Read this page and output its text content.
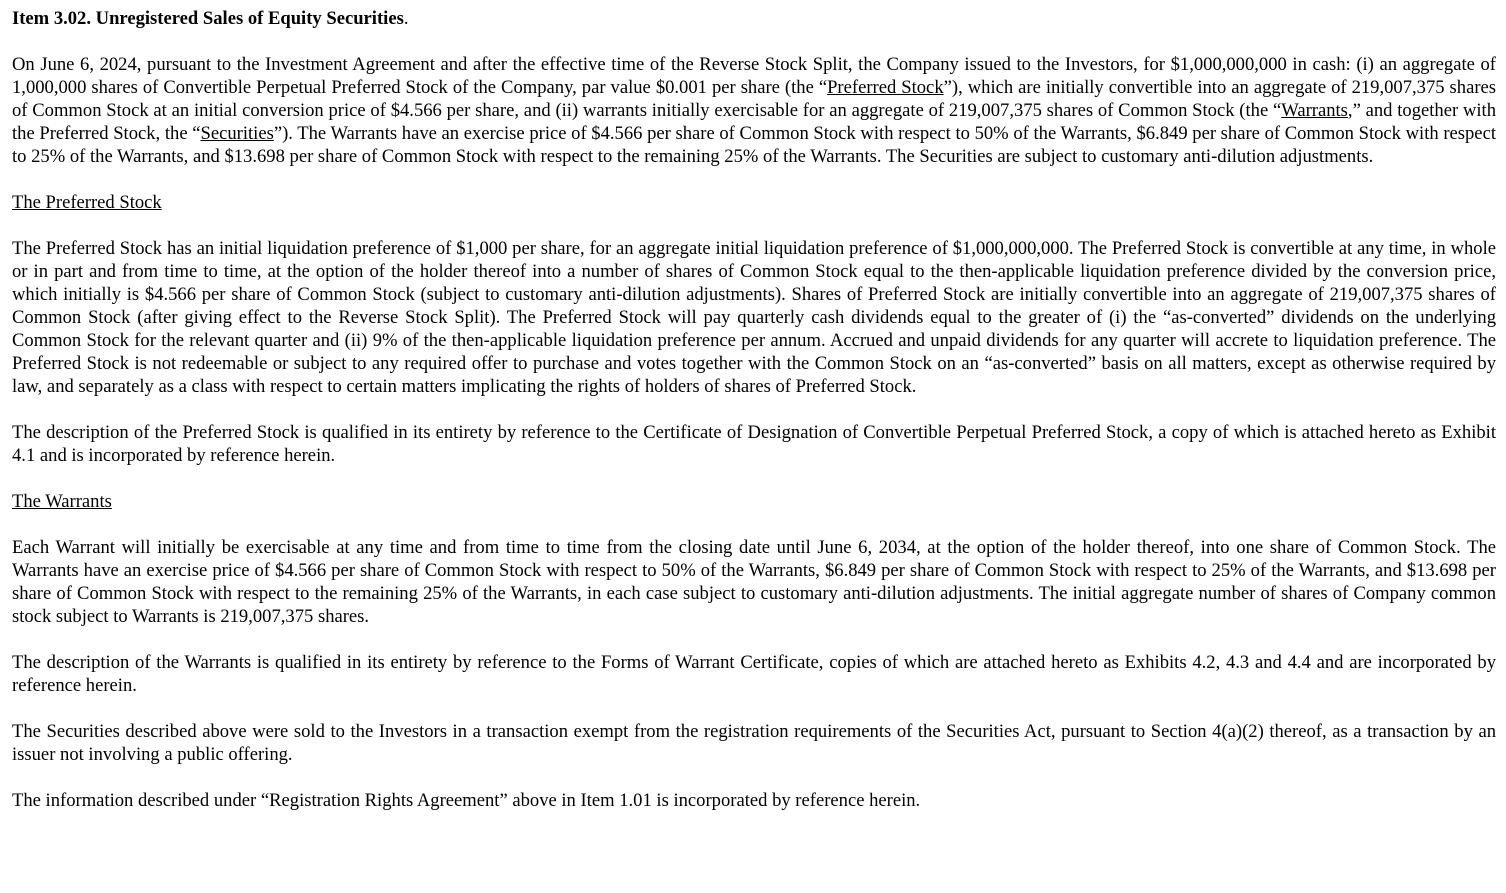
Item 3.02. Unregistered Sales of Equity Securities.

On June 6, 2024, pursuant to the Investment Agreement and after the effective time of the Reverse Stock Split, the Company issued to the Investors, for $1,000,000,000 in cash: (i) an aggregate of 1,000,000 shares of Convertible Perpetual Preferred Stock of the Company, par value $0.001 per share (the “Preferred Stock”), which are initially convertible into an aggregate of 219,007,375 shares of Common Stock at an initial conversion price of $4.566 per share, and (ii) warrants initially exercisable for an aggregate of 219,007,375 shares of Common Stock (the “Warrants,” and together with the Preferred Stock, the “Securities”). The Warrants have an exercise price of $4.566 per share of Common Stock with respect to 50% of the Warrants, $6.849 per share of Common Stock with respect to 25% of the Warrants, and $13.698 per share of Common Stock with respect to the remaining 25% of the Warrants. The Securities are subject to customary anti-dilution adjustments.

The Preferred Stock

The Preferred Stock has an initial liquidation preference of $1,000 per share, for an aggregate initial liquidation preference of $1,000,000,000. The Preferred Stock is convertible at any time, in whole or in part and from time to time, at the option of the holder thereof into a number of shares of Common Stock equal to the then-applicable liquidation preference divided by the conversion price, which initially is $4.566 per share of Common Stock (subject to customary anti-dilution adjustments). Shares of Preferred Stock are initially convertible into an aggregate of 219,007,375 shares of Common Stock (after giving effect to the Reverse Stock Split). The Preferred Stock will pay quarterly cash dividends equal to the greater of (i) the “as-converted” dividends on the underlying Common Stock for the relevant quarter and (ii) 9% of the then-applicable liquidation preference per annum. Accrued and unpaid dividends for any quarter will accrete to liquidation preference. The Preferred Stock is not redeemable or subject to any required offer to purchase and votes together with the Common Stock on an “as-converted” basis on all matters, except as otherwise required by law, and separately as a class with respect to certain matters implicating the rights of holders of shares of Preferred Stock.

The description of the Preferred Stock is qualified in its entirety by reference to the Certificate of Designation of Convertible Perpetual Preferred Stock, a copy of which is attached hereto as Exhibit 4.1 and is incorporated by reference herein.

The Warrants

Each Warrant will initially be exercisable at any time and from time to time from the closing date until June 6, 2034, at the option of the holder thereof, into one share of Common Stock. The Warrants have an exercise price of $4.566 per share of Common Stock with respect to 50% of the Warrants, $6.849 per share of Common Stock with respect to 25% of the Warrants, and $13.698 per share of Common Stock with respect to the remaining 25% of the Warrants, in each case subject to customary anti-dilution adjustments. The initial aggregate number of shares of Company common stock subject to Warrants is 219,007,375 shares.

The description of the Warrants is qualified in its entirety by reference to the Forms of Warrant Certificate, copies of which are attached hereto as Exhibits 4.2, 4.3 and 4.4 and are incorporated by reference herein.

The Securities described above were sold to the Investors in a transaction exempt from the registration requirements of the Securities Act, pursuant to Section 4(a)(2) thereof, as a transaction by an issuer not involving a public offering.

The information described under “Registration Rights Agreement” above in Item 1.01 is incorporated by reference herein.
